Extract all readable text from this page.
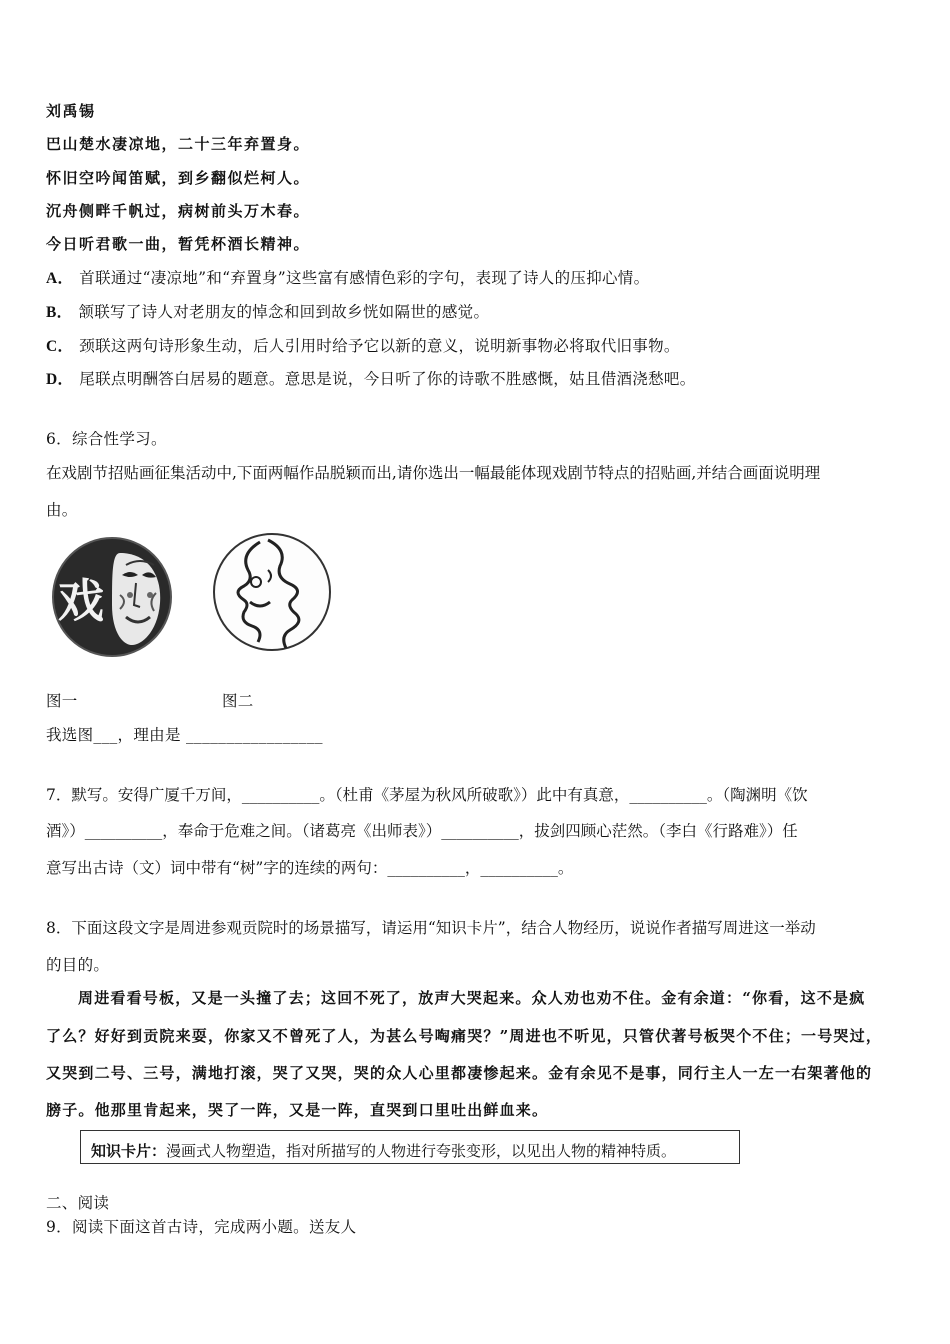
刘禹锡
巴山楚水凄凉地，二十三年弃置身。
怀旧空吟闻笛赋，到乡翻似烂柯人。
沉舟侧畔千帆过，病树前头万木春。
今日听君歌一曲，暂凭杯酒长精神。
A． 首联通过“凄凉地”和“弃置身”这些富有感情色彩的字句，表现了诗人的压抑心情。
B． 颔联写了诗人对老朋友的悼念和回到故乡恍如隔世的感觉。
C． 颈联这两句诗形象生动，后人引用时给予它以新的意义，说明新事物必将取代旧事物。
D． 尾联点明酬答白居易的题意。意思是说，今日听了你的诗歌不胜感慨，姑且借酒浇愁吧。
6．综合性学习。
在戏剧节招贴画征集活动中,下面两幅作品脱颖而出,请你选出一幅最能体现戏剧节特点的招贴画,并结合画面说明理
由。
戏
图一	图二
我选图___，理由是 _________________
7．默写。安得广厦千万间，__________。（杜甫《茅屋为秋风所破歌》）此中有真意，__________。（陶渊明《饮
酒》）__________，奉命于危难之间。（诸葛亮《出师表》）__________，拔剑四顾心茫然。（李白《行路难》）任
意写出古诗（文）词中带有“树”字的连续的两句：__________，__________。
8．下面这段文字是周进参观贡院时的场景描写，请运用“知识卡片”，结合人物经历，说说作者描写周进这一举动
的目的。
周进看看号板，又是一头撞了去；这回不死了，放声大哭起来。众人劝也劝不住。金有余道：“你看，这不是疯
了么？好好到贡院来耍，你家又不曾死了人，为甚么号啕痛哭？”周进也不听见，只管伏著号板哭个不住；一号哭过，
又哭到二号、三号，满地打滚，哭了又哭，哭的众人心里都凄惨起来。金有余见不是事，同行主人一左一右架著他的
膀子。他那里肯起来，哭了一阵，又是一阵，直哭到口里吐出鲜血来。
知识卡片：漫画式人物塑造，指对所描写的人物进行夸张变形，以见出人物的精神特质。
二、阅读
9．阅读下面这首古诗，完成两小题。送友人
